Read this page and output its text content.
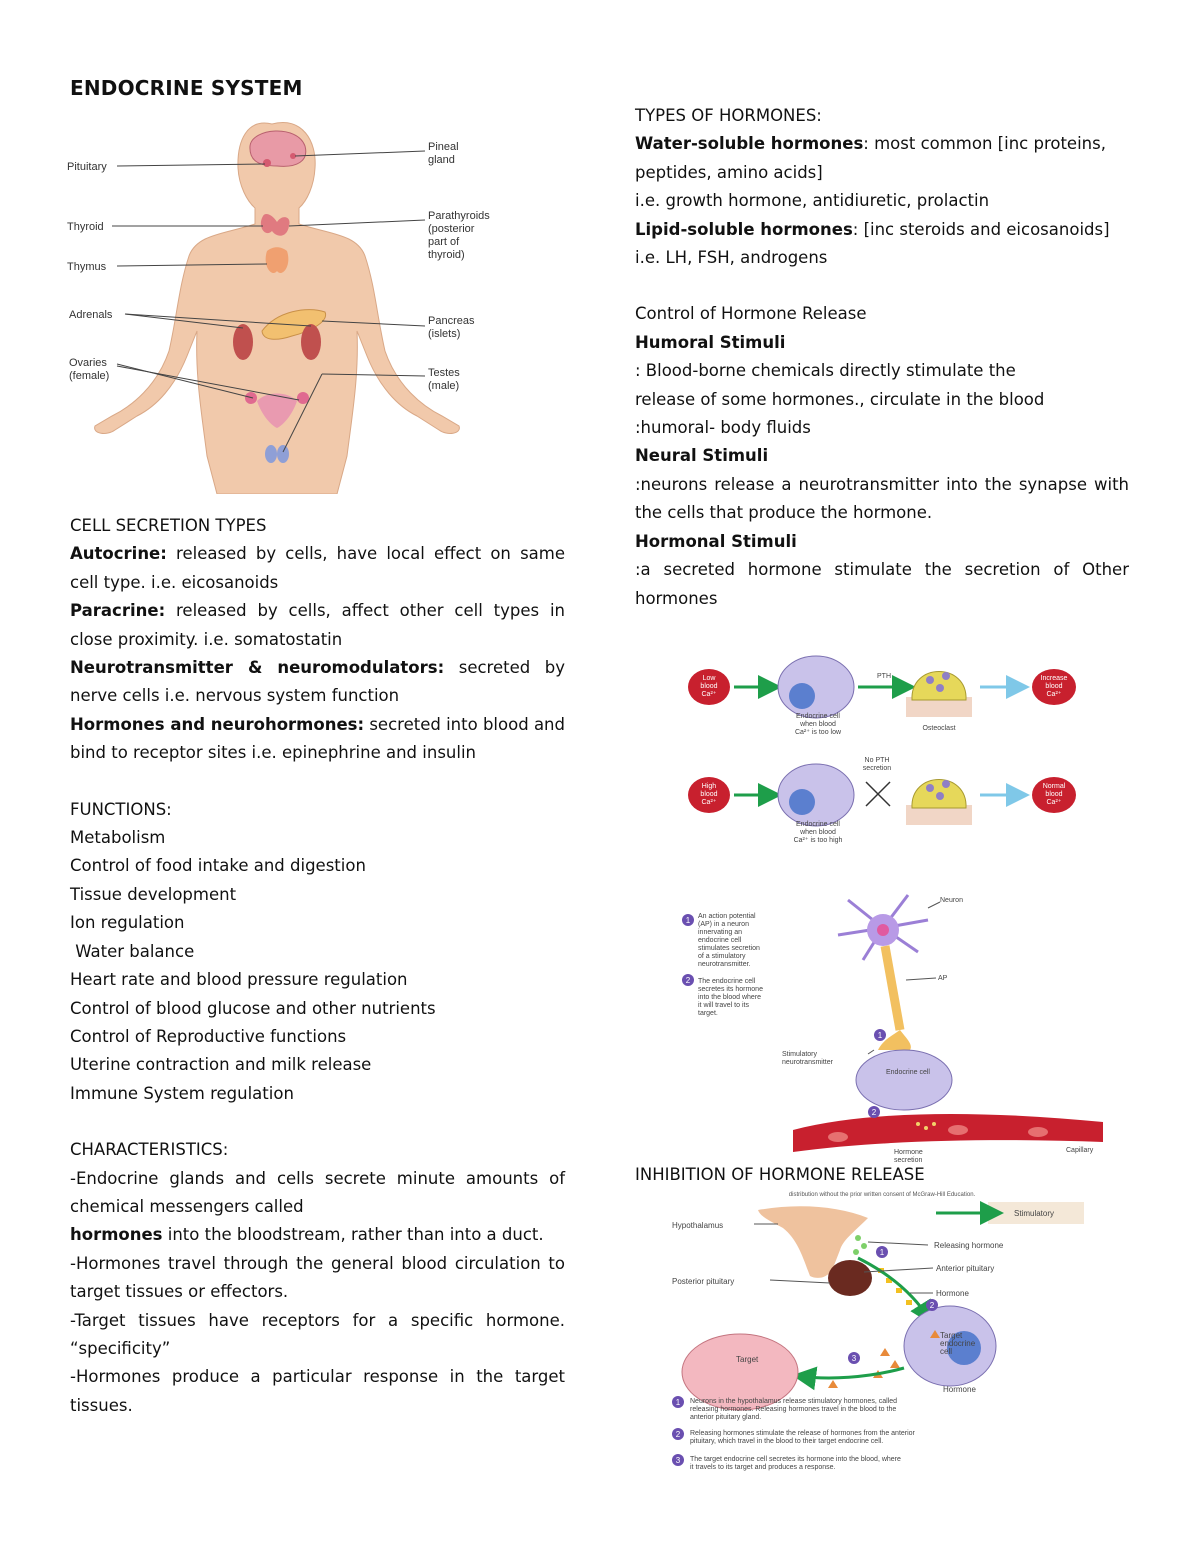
ENDOCRINE SYSTEM
Pituitary
Thyroid
Thymus
Adrenals
Ovaries
(female)
Pineal
gland
Parathyroids
(posterior
part of
thyroid)
Pancreas
(islets)
Testes
(male)

CELL SECRETION TYPES

Autocrine: released by cells, have local effect on same cell type. i.e. eicosanoids

Paracrine: released by cells, affect other cell types in close proximity. i.e. somatostatin

Neurotransmitter & neuromodulators: secreted by nerve cells i.e. nervous system function

Hormones and neurohormones: secreted into blood and bind to receptor sites i.e. epinephrine and insulin

FUNCTIONS:

Metabolism

Control of food intake and digestion

Tissue development

Ion regulation

Water balance

Heart rate and blood pressure regulation

Control of blood glucose and other nutrients

Control of Reproductive functions

Uterine contraction and milk release

Immune System regulation

CHARACTERISTICS:

-Endocrine glands and cells secrete minute amounts of chemical messengers called

hormones into the bloodstream, rather than into a duct.

-Hormones travel through the general blood circulation to target tissues or effectors.

-Target tissues have receptors for a specific hormone. “specificity”

-Hormones produce a particular response in the target tissues.

TYPES OF HORMONES:

Water-soluble hormones: most common [inc proteins, peptides, amino acids]

i.e. growth hormone, antidiuretic, prolactin

Lipid-soluble hormones: [inc steroids and eicosanoids]

i.e. LH, FSH, androgens

Control of Hormone Release

Humoral Stimuli

: Blood-borne chemicals directly stimulate the

release of some hormones., circulate in the blood

:humoral- body fluids

Neural Stimuli

:neurons release a neurotransmitter into the synapse with the cells that produce the hormone.

Hormonal Stimuli

:a secreted hormone stimulate the secretion of Other hormones

Low
blood
Ca²⁺
Increase
blood
Ca²⁺
High
blood
Ca²⁺
Normal
blood
Ca²⁺
PTH
Endocrine cell
when blood
Ca²⁺ is too low
Osteoclast
No PTH
secretion
Endocrine cell
when blood
Ca²⁺ is too high
1
2
1
2
Neuron
AP
An action potential
(AP) in a neuron
innervating an
endocrine cell
stimulates secretion
of a stimulatory
neurotransmitter.
The endocrine cell
secretes its hormone
into the blood where
it will travel to its
target.
Stimulatory
neurotransmitter
Endocrine cell
Hormone
secretion
Capillary

INHIBITION OF HORMONE RELEASE

distribution without the prior written consent of McGraw-Hill Education.
Stimulatory
1
2
3
Hypothalamus
Posterior pituitary
Releasing hormone
Anterior pituitary
Hormone
Target
Target
endocrine
cell
Hormone
1
2
3
Neurons in the hypothalamus release stimulatory hormones, called
releasing hormones. Releasing hormones travel in the blood to the
anterior pituitary gland.
Releasing hormones stimulate the release of hormones from the anterior
pituitary, which travel in the blood to their target endocrine cell.
The target endocrine cell secretes its hormone into the blood, where
it travels to its target and produces a response.
